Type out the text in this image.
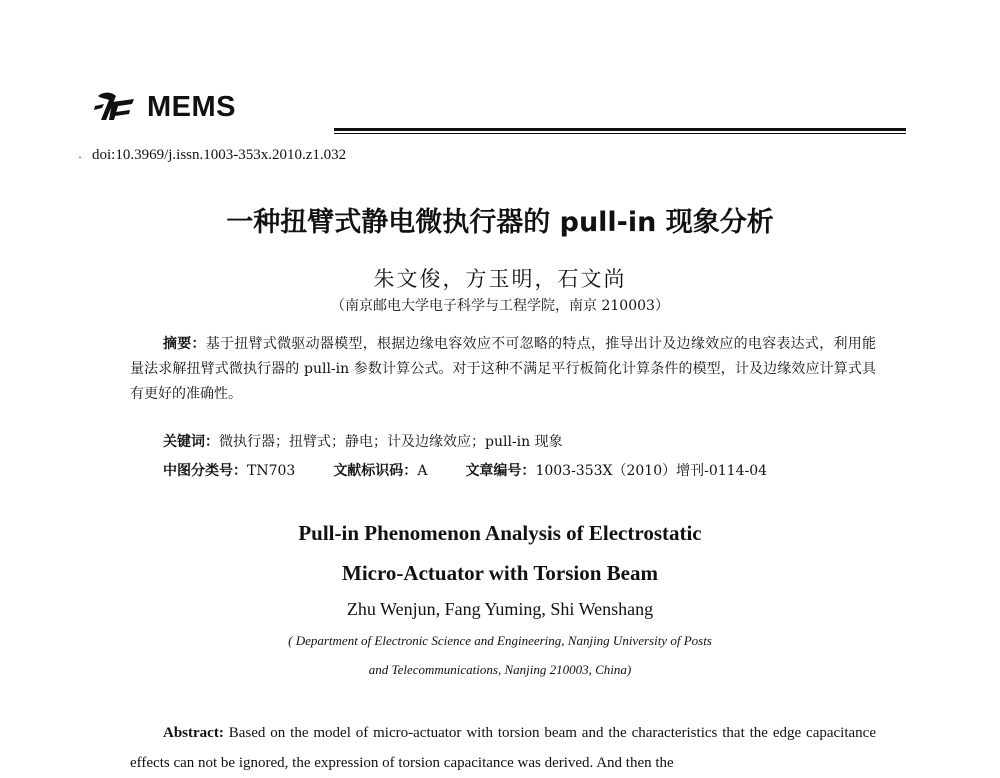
MEMS
· doi:10.3969/j.issn.1003-353x.2010.z1.032
一种扭臂式静电微执行器的 pull-in 现象分析
朱文俊，方玉明，石文尚
（南京邮电大学电子科学与工程学院，南京 210003）
摘要：基于扭臂式微驱动器模型，根据边缘电容效应不可忽略的特点，推导出计及边缘效应的电容表达式，利用能量法求解扭臂式微执行器的 pull-in 参数计算公式。对于这种不满足平行板简化计算条件的模型，计及边缘效应计算式具有更好的准确性。
关键词：微执行器；扭臂式；静电；计及边缘效应；pull-in 现象
中图分类号：TN703	文献标识码：A	文章编号：1003-353X（2010）增刊-0114-04
Pull-in Phenomenon Analysis of Electrostatic
Micro-Actuator with Torsion Beam
Zhu Wenjun, Fang Yuming, Shi Wenshang
( Department of Electronic Science and Engineering, Nanjing University of Posts
and Telecommunications, Nanjing 210003, China)
Abstract: Based on the model of micro-actuator with torsion beam and the characteristics that the edge capacitance effects can not be ignored, the expression of torsion capacitance was derived. And then the
